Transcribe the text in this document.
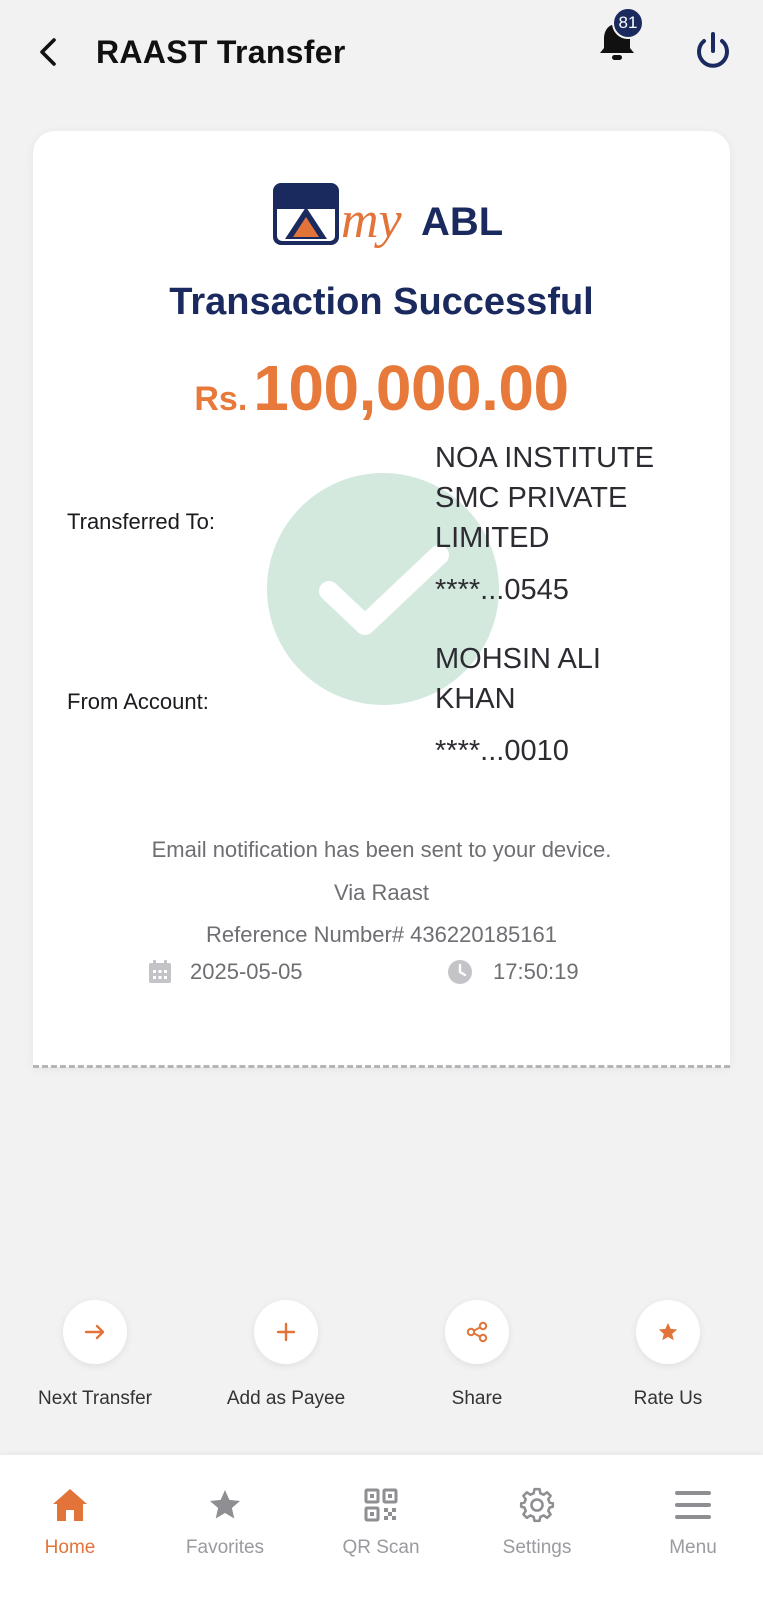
RAAST Transfer
81
my ABL
Transaction Successful
Rs.100,000.00
Transferred To:
NOA INSTITUTE SMC PRIVATE LIMITED
****...0545
From Account:
MOHSIN ALI KHAN
****...0010
Email notification has been sent to your device.
Via Raast
Reference Number# 436220185161
2025-05-05	17:50:19
Next Transfer	Add as Payee	Share	Rate Us
Home	Favorites	QR Scan	Settings	Menu
